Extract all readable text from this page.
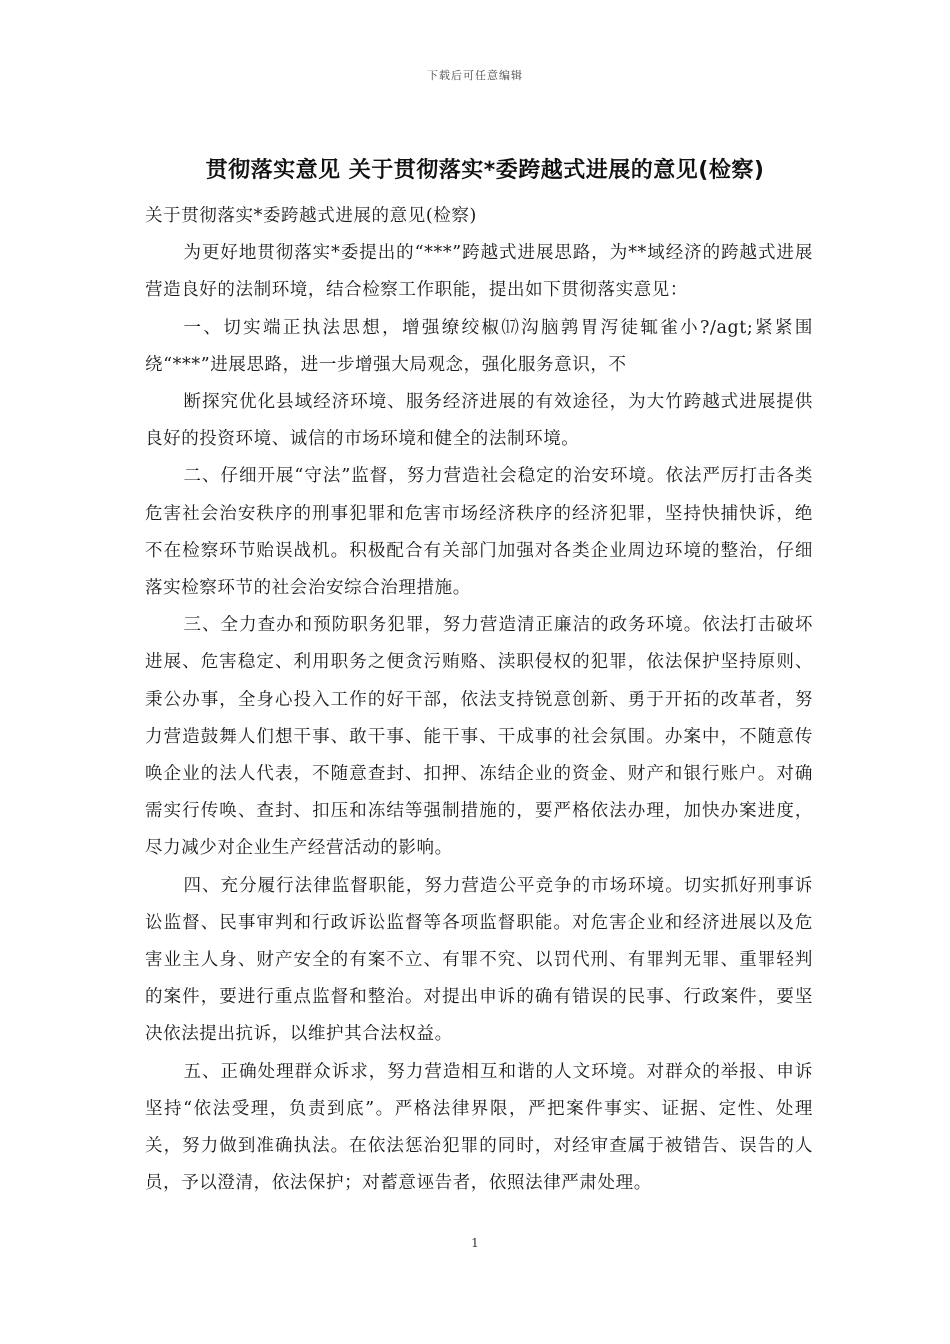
下载后可任意编辑
贯彻落实意见 关于贯彻落实*委跨越式进展的意见(检察)

关于贯彻落实*委跨越式进展的意见(检察)

为更好地贯彻落实*委提出的“***”跨越式进展思路，为**域经济的跨越式进展营造良好的法制环境，结合检察工作职能，提出如下贯彻落实意见：

一、切实端正执法思想，增强缭绞椒⒄沟脑鹑胃泻徒辄雀小?/agt;紧紧围绕“***”进展思路，进一步增强大局观念，强化服务意识，不

断探究优化县域经济环境、服务经济进展的有效途径，为大竹跨越式进展提供良好的投资环境、诚信的市场环境和健全的法制环境。

二、仔细开展“守法”监督，努力营造社会稳定的治安环境。依法严厉打击各类危害社会治安秩序的刑事犯罪和危害市场经济秩序的经济犯罪，坚持快捕快诉，绝不在检察环节贻误战机。积极配合有关部门加强对各类企业周边环境的整治，仔细落实检察环节的社会治安综合治理措施。

三、全力查办和预防职务犯罪，努力营造清正廉洁的政务环境。依法打击破坏进展、危害稳定、利用职务之便贪污贿赂、渎职侵权的犯罪，依法保护坚持原则、秉公办事，全身心投入工作的好干部，依法支持锐意创新、勇于开拓的改革者，努力营造鼓舞人们想干事、敢干事、能干事、干成事的社会氛围。办案中，不随意传唤企业的法人代表，不随意查封、扣押、冻结企业的资金、财产和银行账户。对确需实行传唤、查封、扣压和冻结等强制措施的，要严格依法办理，加快办案进度，尽力减少对企业生产经营活动的影响。

四、充分履行法律监督职能，努力营造公平竞争的市场环境。切实抓好刑事诉讼监督、民事审判和行政诉讼监督等各项监督职能。对危害企业和经济进展以及危害业主人身、财产安全的有案不立、有罪不究、以罚代刑、有罪判无罪、重罪轻判的案件，要进行重点监督和整治。对提出申诉的确有错误的民事、行政案件，要坚决依法提出抗诉，以维护其合法权益。

五、正确处理群众诉求，努力营造相互和谐的人文环境。对群众的举报、申诉坚持“依法受理，负责到底”。严格法律界限，严把案件事实、证据、定性、处理关，努力做到准确执法。在依法惩治犯罪的同时，对经审查属于被错告、误告的人员，予以澄清，依法保护；对蓄意诬告者，依照法律严肃处理。

1
